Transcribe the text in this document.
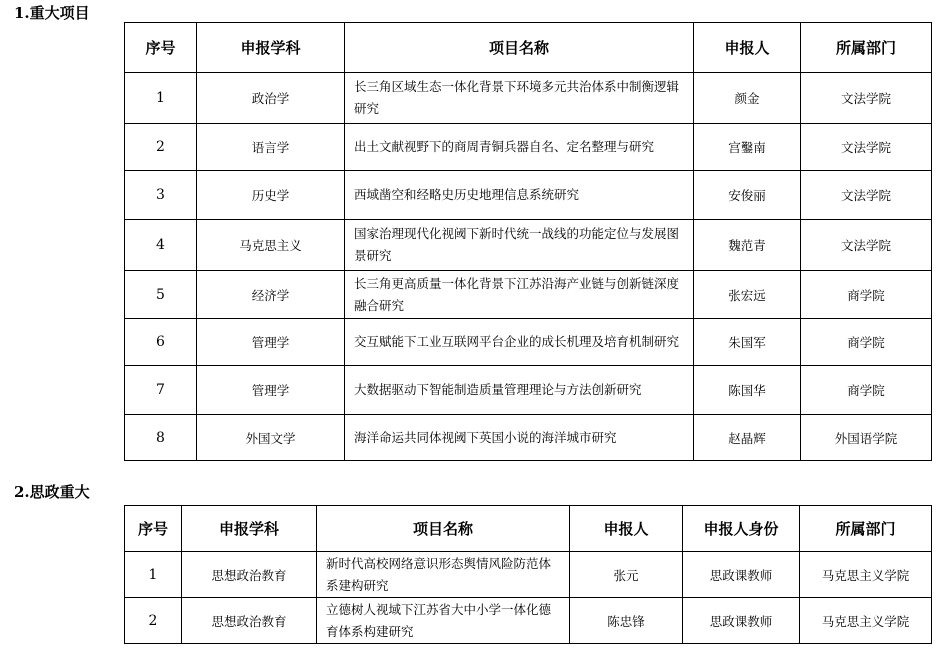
1.重大项目
序号	申报学科	项目名称	申报人	所属部门
1	政治学	长三角区域生态一体化背景下环境多元共治体系中制衡逻辑研究	颜金	文法学院
2	语言学	出土文献视野下的商周青铜兵器自名、定名整理与研究	宫鑿南	文法学院
3	历史学	西域凿空和经略史历史地理信息系统研究	安俊丽	文法学院
4	马克思主义	国家治理现代化视阈下新时代统一战线的功能定位与发展图景研究	魏范青	文法学院
5	经济学	长三角更高质量一体化背景下江苏沿海产业链与创新链深度融合研究	张宏远	商学院
6	管理学	交互赋能下工业互联网平台企业的成长机理及培育机制研究	朱国军	商学院
7	管理学	大数据驱动下智能制造质量管理理论与方法创新研究	陈国华	商学院
8	外国文学	海洋命运共同体视阈下英国小说的海洋城市研究	赵晶辉	外国语学院
2.思政重大
序号	申报学科	项目名称	申报人	申报人身份	所属部门
1	思想政治教育	新时代高校网络意识形态舆情风险防范体系建构研究	张元	思政课教师	马克思主义学院
2	思想政治教育	立德树人视域下江苏省大中小学一体化德育体系构建研究	陈忠锋	思政课教师	马克思主义学院
